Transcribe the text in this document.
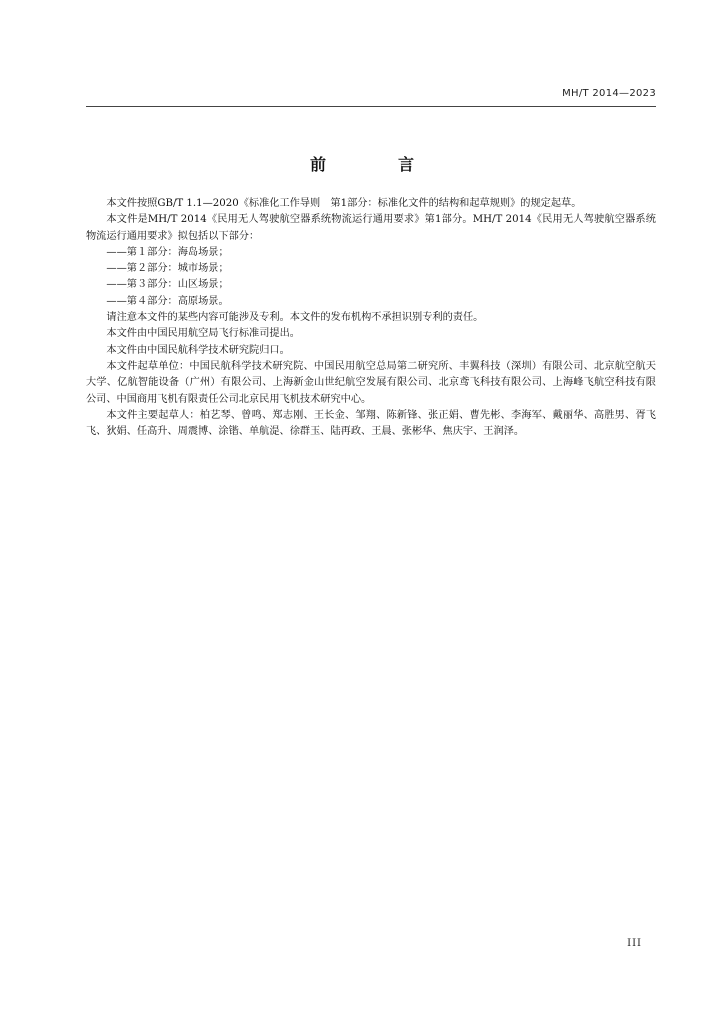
MH/T 2014—2023
前　言

本文件按照GB/T 1.1—2020《标准化工作导则　第1部分：标准化文件的结构和起草规则》的规定起草。

本文件是MH/T 2014《民用无人驾驶航空器系统物流运行通用要求》第1部分。MH/T 2014《民用无人驾驶航空器系统物流运行通用要求》拟包括以下部分：

——第１部分：海岛场景；

——第２部分：城市场景；

——第３部分：山区场景；

——第４部分：高原场景。

请注意本文件的某些内容可能涉及专利。本文件的发布机构不承担识别专利的责任。

本文件由中国民用航空局飞行标准司提出。

本文件由中国民航科学技术研究院归口。

本文件起草单位：中国民航科学技术研究院、中国民用航空总局第二研究所、丰翼科技（深圳）有限公司、北京航空航天大学、亿航智能设备（广州）有限公司、上海新金山世纪航空发展有限公司、北京鸢飞科技有限公司、上海峰飞航空科技有限公司、中国商用飞机有限责任公司北京民用飞机技术研究中心。

本文件主要起草人：柏艺琴、曾鸣、郑志刚、王长金、邹翔、陈新锋、张正娟、曹先彬、李海军、戴丽华、高胜男、胥飞飞、狄娟、任高升、周震博、涂锴、单航湜、徐群玉、陆再政、王晨、张彬华、焦庆宇、王润泽。

III
